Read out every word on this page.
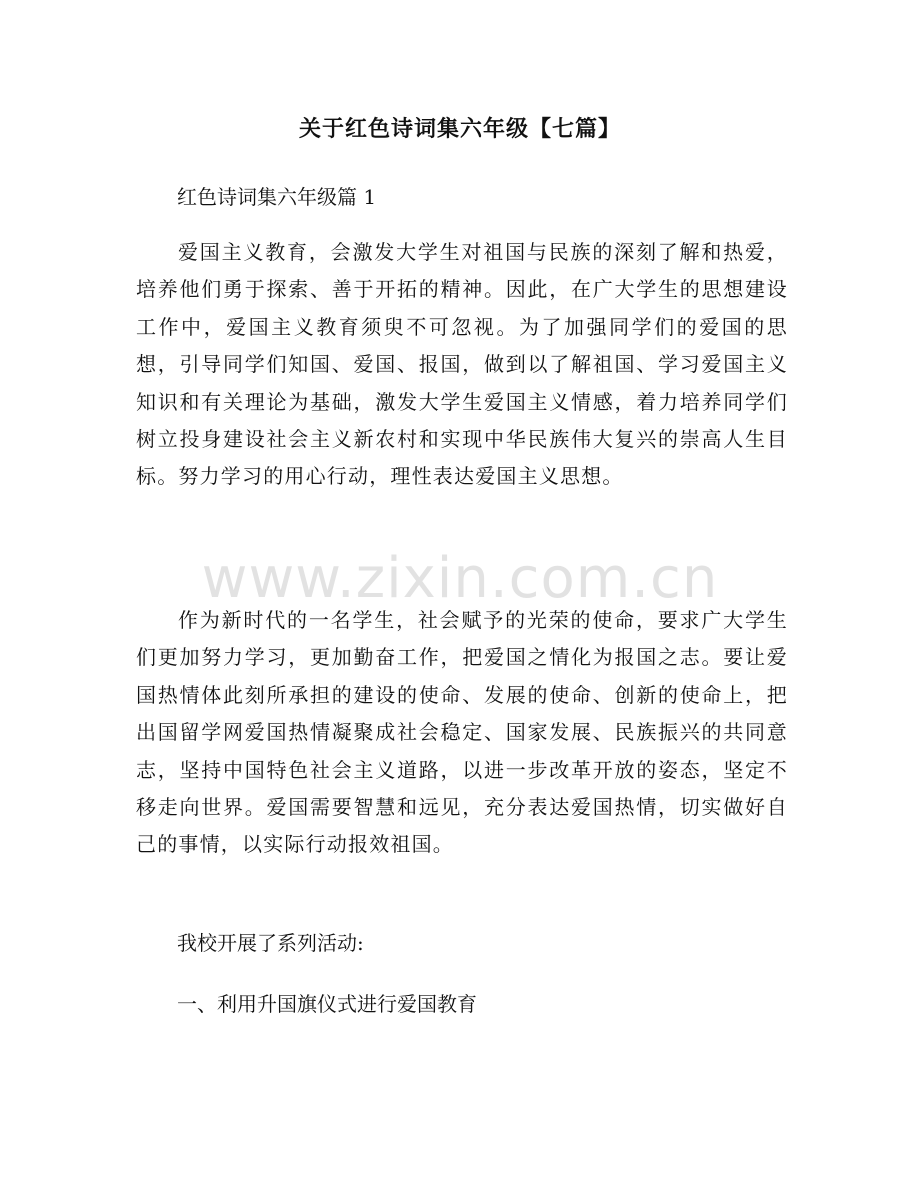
关于红色诗词集六年级【七篇】

红色诗词集六年级篇 1

爱国主义教育，会激发大学生对祖国与民族的深刻了解和热爱，培养他们勇于探索、善于开拓的精神。因此，在广大学生的思想建设工作中，爱国主义教育须臾不可忽视。为了加强同学们的爱国的思想，引导同学们知国、爱国、报国，做到以了解祖国、学习爱国主义知识和有关理论为基础，激发大学生爱国主义情感，着力培养同学们树立投身建设社会主义新农村和实现中华民族伟大复兴的崇高人生目标。努力学习的用心行动，理性表达爱国主义思想。

作为新时代的一名学生，社会赋予的光荣的使命，要求广大学生们更加努力学习，更加勤奋工作，把爱国之情化为报国之志。要让爱国热情体此刻所承担的建设的使命、发展的使命、创新的使命上，把出国留学网爱国热情凝聚成社会稳定、国家发展、民族振兴的共同意志，坚持中国特色社会主义道路，以进一步改革开放的姿态，坚定不移走向世界。爱国需要智慧和远见，充分表达爱国热情，切实做好自己的事情，以实际行动报效祖国。

我校开展了系列活动:

一、利用升国旗仪式进行爱国教育

www.zixin.com.cn
